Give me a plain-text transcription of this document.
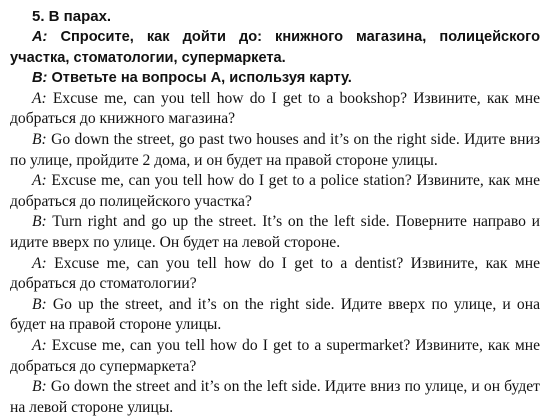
5. В парах.

A: Спросите, как дойти до: книжного магазина, полицейского участка, стоматологии, супермаркета.

B: Ответьте на вопросы А, используя карту.

A: Excuse me, can you tell how do I get to a bookshop? Извините, как мне добраться до книжного магазина?

B: Go down the street, go past two houses and it’s on the right side. Идите вниз по улице, пройдите 2 дома, и он будет на правой стороне улицы.

A: Excuse me, can you tell how do I get to a police station? Извините, как мне добраться до полицейского участка?

B: Turn right and go up the street. It’s on the left side. Поверните направо и идите вверх по улице. Он будет на левой стороне.

A: Excuse me, can you tell how do I get to a dentist? Извините, как мне добраться до стоматологии?

B: Go up the street, and it’s on the right side. Идите вверх по улице, и она будет на правой стороне улицы.

A: Excuse me, can you tell how do I get to a supermarket? Извините, как мне добраться до супермаркета?

B: Go down the street and it’s on the left side. Идите вниз по улице, и он будет на левой стороне улицы.
